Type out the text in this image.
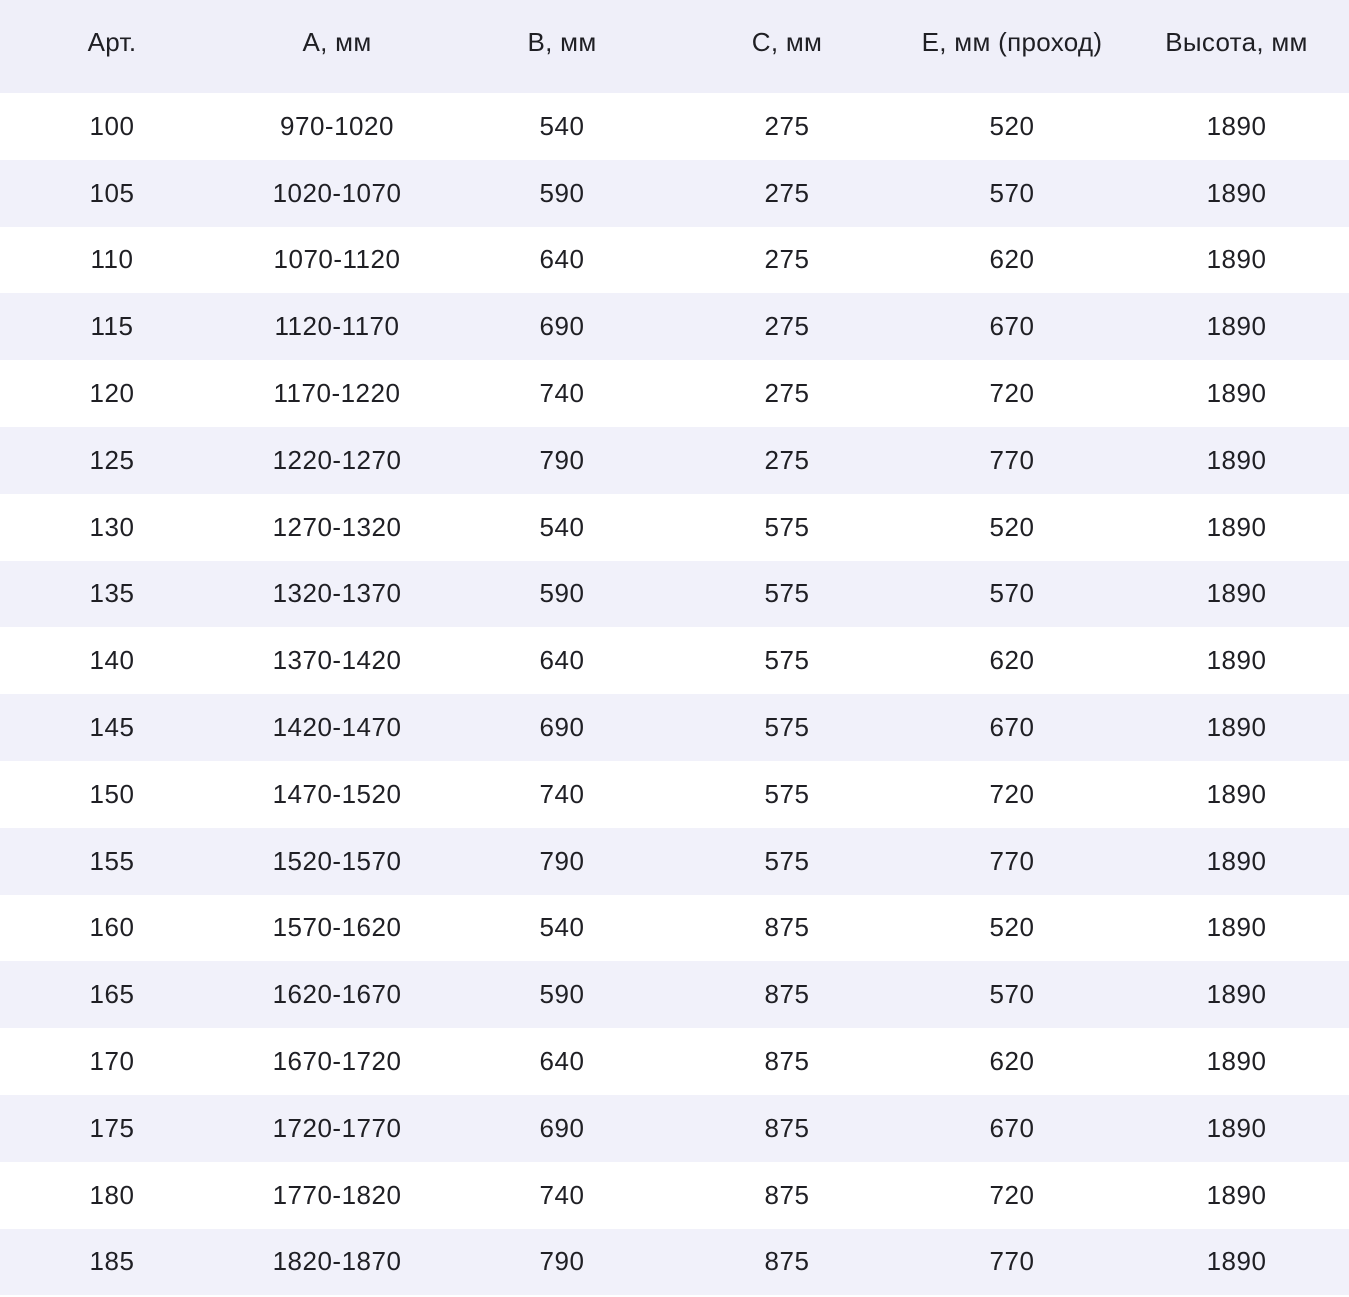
Арт.	А, мм	В, мм	С, мм	Е, мм (проход)	Высота, мм
100	970-1020	540	275	520	1890
105	1020-1070	590	275	570	1890
110	1070-1120	640	275	620	1890
115	1120-1170	690	275	670	1890
120	1170-1220	740	275	720	1890
125	1220-1270	790	275	770	1890
130	1270-1320	540	575	520	1890
135	1320-1370	590	575	570	1890
140	1370-1420	640	575	620	1890
145	1420-1470	690	575	670	1890
150	1470-1520	740	575	720	1890
155	1520-1570	790	575	770	1890
160	1570-1620	540	875	520	1890
165	1620-1670	590	875	570	1890
170	1670-1720	640	875	620	1890
175	1720-1770	690	875	670	1890
180	1770-1820	740	875	720	1890
185	1820-1870	790	875	770	1890
